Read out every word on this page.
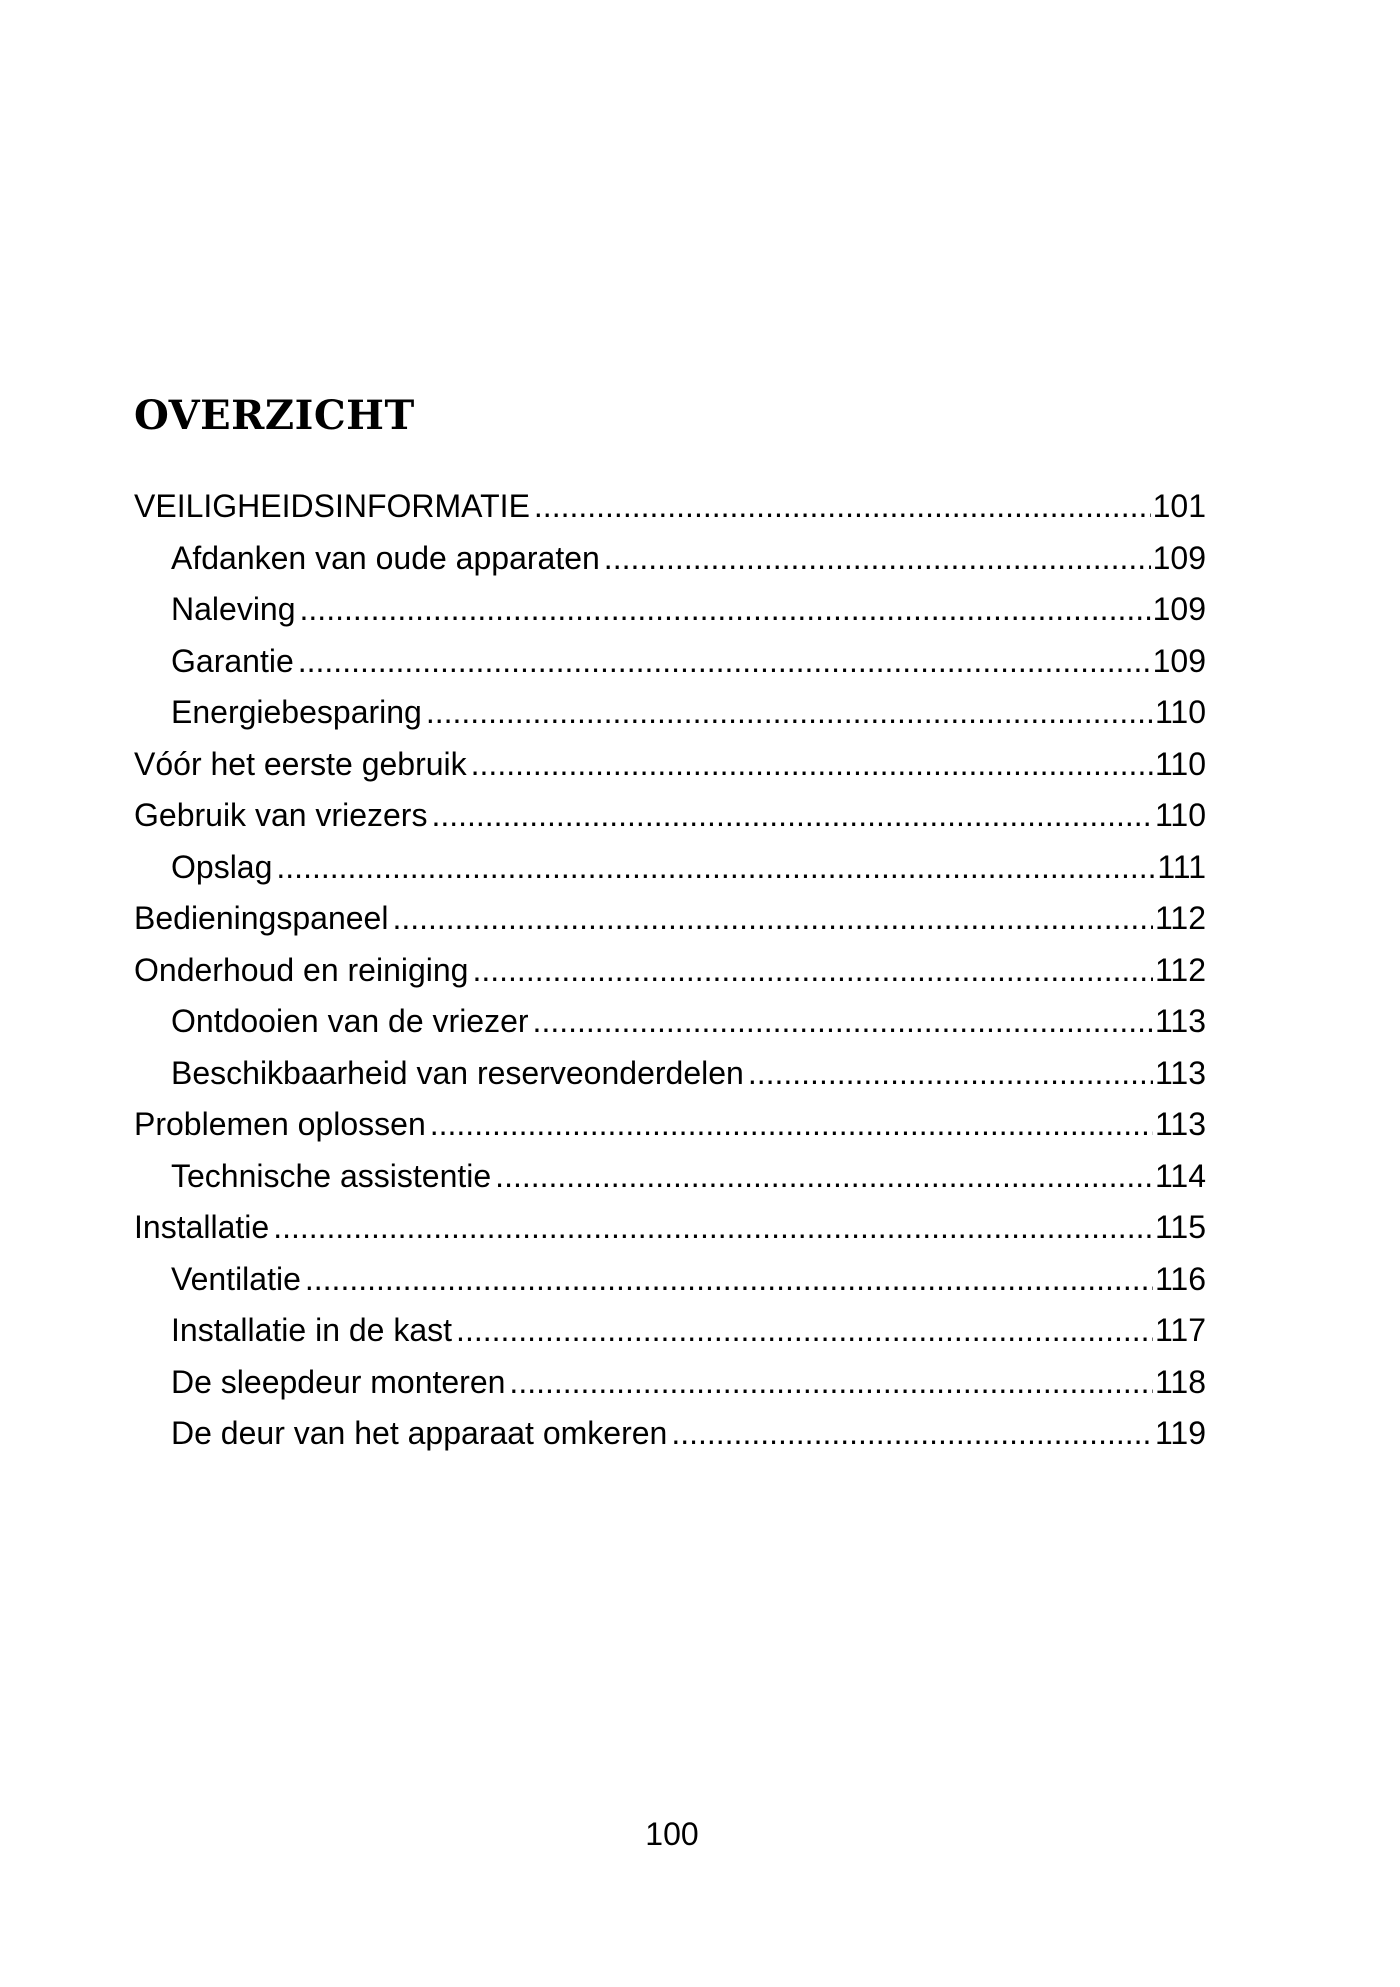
OVERZICHT
VEILIGHEIDSINFORMATIE .....	101
Afdanken van oude apparaten .....	109
Naleving .....	109
Garantie .....	109
Energiebesparing .....	110
Vóór het eerste gebruik .....	110
Gebruik van vriezers .....	110
Opslag .....	111
Bedieningspaneel .....	112
Onderhoud en reiniging .....	112
Ontdooien van de vriezer .....	113
Beschikbaarheid van reserveonderdelen .....	113
Problemen oplossen .....	113
Technische assistentie .....	114
Installatie .....	115
Ventilatie .....	116
Installatie in de kast .....	117
De sleepdeur monteren .....	118
De deur van het apparaat omkeren .....	119
100
